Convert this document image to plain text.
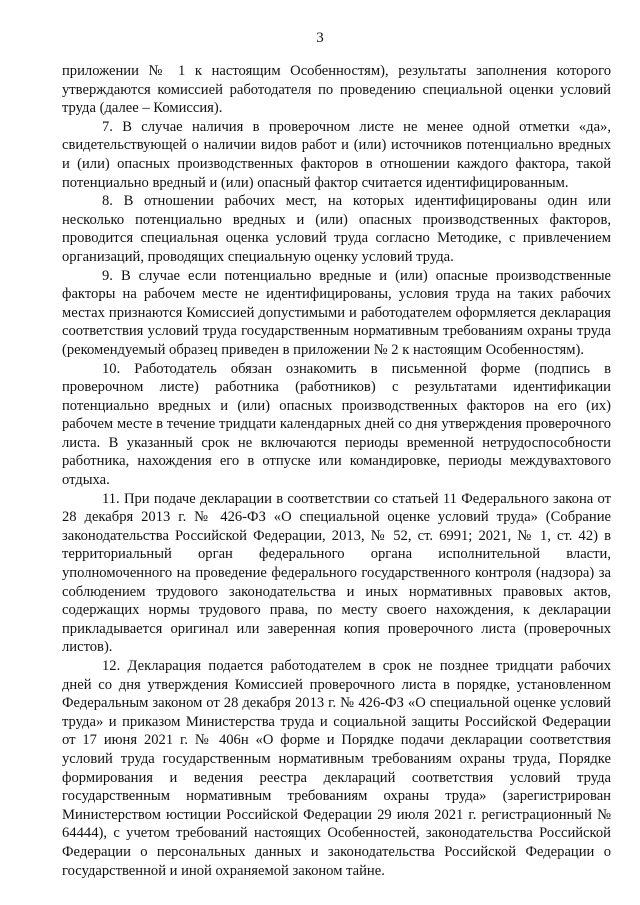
3

приложении № 1 к настоящим Особенностям), результаты заполнения которого утверждаются комиссией работодателя по проведению специальной оценки условий труда (далее – Комиссия).

7. В случае наличия в проверочном листе не менее одной отметки «да», свидетельствующей о наличии видов работ и (или) источников потенциально вредных и (или) опасных производственных факторов в отношении каждого фактора, такой потенциально вредный и (или) опасный фактор считается идентифицированным.

8. В отношении рабочих мест, на которых идентифицированы один или несколько потенциально вредных и (или) опасных производственных факторов, проводится специальная оценка условий труда согласно Методике, с привлечением организаций, проводящих специальную оценку условий труда.

9. В случае если потенциально вредные и (или) опасные производственные факторы на рабочем месте не идентифицированы, условия труда на таких рабочих местах признаются Комиссией допустимыми и работодателем оформляется декларация соответствия условий труда государственным нормативным требованиям охраны труда (рекомендуемый образец приведен в приложении № 2 к настоящим Особенностям).

10. Работодатель обязан ознакомить в письменной форме (подпись в проверочном листе) работника (работников) с результатами идентификации потенциально вредных и (или) опасных производственных факторов на его (их) рабочем месте в течение тридцати календарных дней со дня утверждения проверочного листа. В указанный срок не включаются периоды временной нетрудоспособности работника, нахождения его в отпуске или командировке, периоды междувахтового отдыха.

11. При подаче декларации в соответствии со статьей 11 Федерального закона от 28 декабря 2013 г. № 426-ФЗ «О специальной оценке условий труда» (Собрание законодательства Российской Федерации, 2013, № 52, ст. 6991; 2021, № 1, ст. 42) в территориальный орган федерального органа исполнительной власти, уполномоченного на проведение федерального государственного контроля (надзора) за соблюдением трудового законодательства и иных нормативных правовых актов, содержащих нормы трудового права, по месту своего нахождения, к декларации прикладывается оригинал или заверенная копия проверочного листа (проверочных листов).

12. Декларация подается работодателем в срок не позднее тридцати рабочих дней со дня утверждения Комиссией проверочного листа в порядке, установленном Федеральным законом от 28 декабря 2013 г. № 426-ФЗ «О специальной оценке условий труда» и приказом Министерства труда и социальной защиты Российской Федерации от 17 июня 2021 г. № 406н «О форме и Порядке подачи декларации соответствия условий труда государственным нормативным требованиям охраны труда, Порядке формирования и ведения реестра деклараций соответствия условий труда государственным нормативным требованиям охраны труда» (зарегистрирован Министерством юстиции Российской Федерации 29 июля 2021 г. регистрационный № 64444), с учетом требований настоящих Особенностей, законодательства Российской Федерации о персональных данных и законодательства Российской Федерации о государственной и иной охраняемой законом тайне.
